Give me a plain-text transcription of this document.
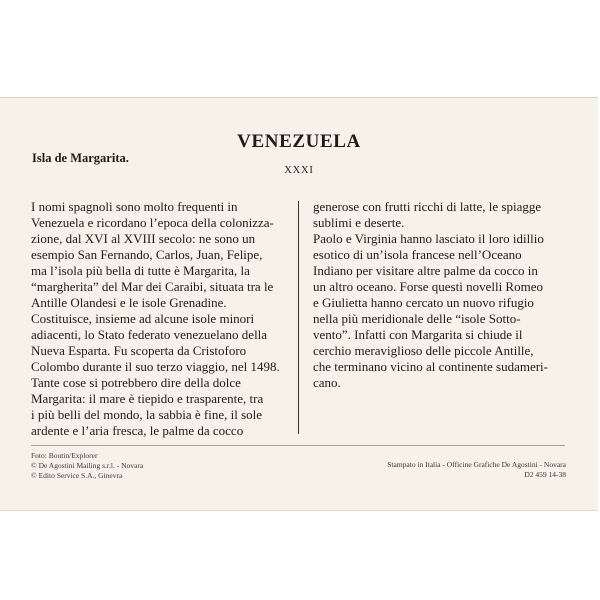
Isla de Margarita.
VENEZUELA
XXXI
I nomi spagnoli sono molto frequenti in
Venezuela e ricordano l’epoca della colonizza-
zione, dal XVI al XVIII secolo: ne sono un
esempio San Fernando, Carlos, Juan, Felipe,
ma l’isola più bella di tutte è Margarita, la
“margherita” del Mar dei Caraibi, situata tra le
Antille Olandesi e le isole Grenadine.
Costituisce, insieme ad alcune isole minori
adiacenti, lo Stato federato venezuelano della
Nueva Esparta. Fu scoperta da Cristoforo
Colombo durante il suo terzo viaggio, nel 1498.
Tante cose si potrebbero dire della dolce
Margarita: il mare è tiepido e trasparente, tra
i più belli del mondo, la sabbia è fine, il sole
ardente e l’aria fresca, le palme da cocco
generose con frutti ricchi di latte, le spiagge
sublimi e deserte.
Paolo e Virginia hanno lasciato il loro idillio
esotico di un’isola francese nell’Oceano
Indiano per visitare altre palme da cocco in
un altro oceano. Forse questi novelli Romeo
e Giulietta hanno cercato un nuovo rifugio
nella più meridionale delle “isole Sotto-
vento”. Infatti con Margarita si chiude il
cerchio meraviglioso delle piccole Antille,
che terminano vicino al continente sudameri-
cano.
Foto: Boutin/Explorer
© De Agostini Mailing s.r.l. - Novara
© Edito Service S.A., Ginevra
Stampato in Italia - Officine Grafiche De Agostini - Novara
D2 459 14-38
